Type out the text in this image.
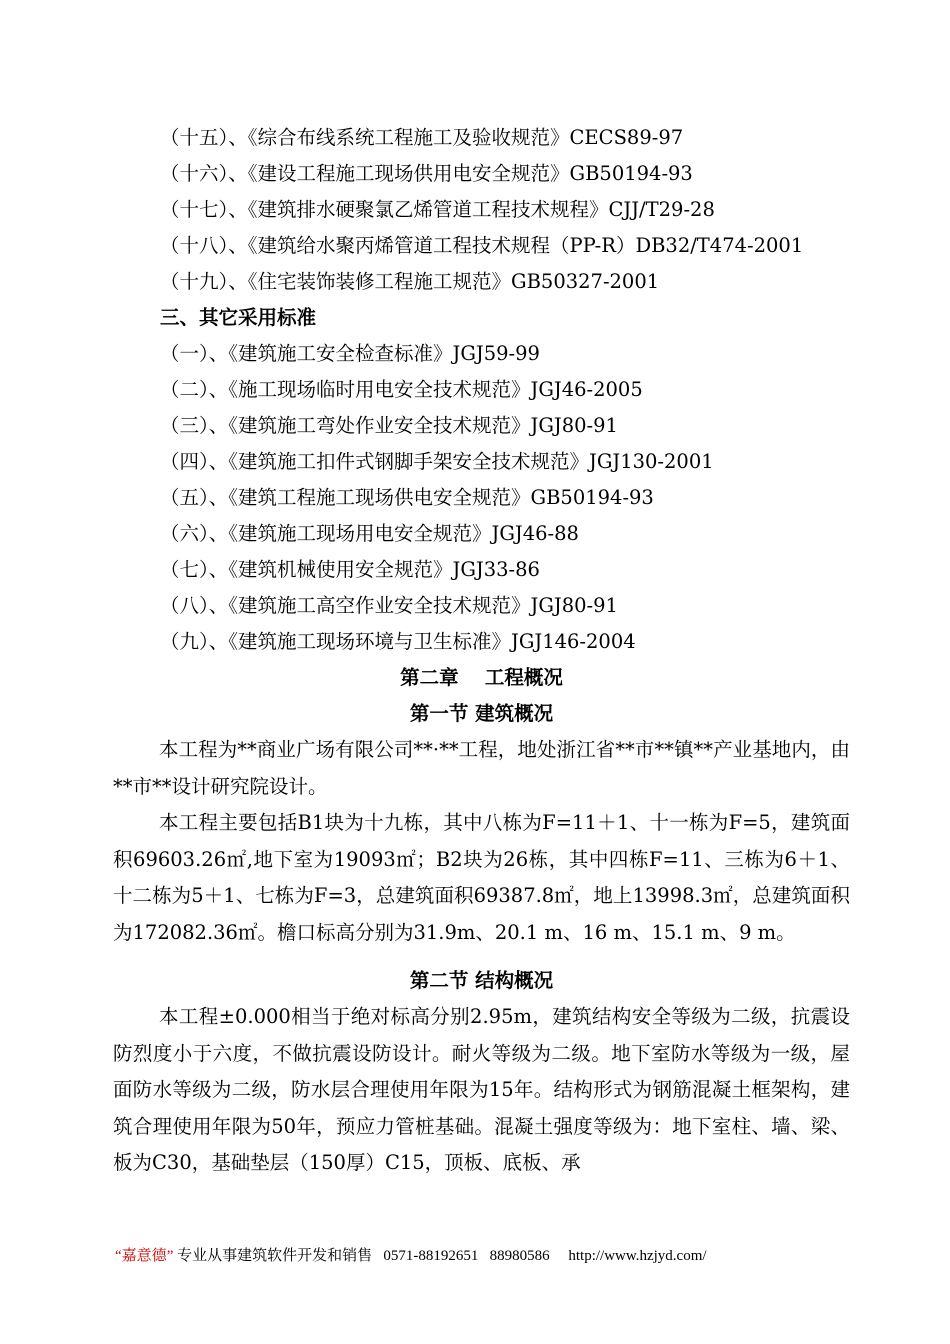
（十五）、《综合布线系统工程施工及验收规范》CECS89-97
（十六）、《建设工程施工现场供用电安全规范》GB50194-93
（十七）、《建筑排水硬聚氯乙烯管道工程技术规程》CJJ/T29-28
（十八）、《建筑给水聚丙烯管道工程技术规程（PP-R）DB32/T474-2001
（十九）、《住宅装饰装修工程施工规范》GB50327-2001
三、其它采用标准
（一）、《建筑施工安全检查标准》JGJ59-99
（二）、《施工现场临时用电安全技术规范》JGJ46-2005
（三）、《建筑施工弯处作业安全技术规范》JGJ80-91
（四）、《建筑施工扣件式钢脚手架安全技术规范》JGJ130-2001
（五）、《建筑工程施工现场供电安全规范》GB50194-93
（六）、《建筑施工现场用电安全规范》JGJ46-88
（七）、《建筑机械使用安全规范》JGJ33-86
（八）、《建筑施工高空作业安全技术规范》JGJ80-91
（九）、《建筑施工现场环境与卫生标准》JGJ146-2004
第二章　 工程概况
第一节 建筑概况

本工程为**商业广场有限公司**·**工程，地处浙江省**市**镇**产业基地内，由**市**设计研究院设计。

本工程主要包括B1块为十九栋，其中八栋为F=11＋1、十一栋为F=5，建筑面积69603.26㎡,地下室为19093㎡；B2块为26栋，其中四栋F=11、三栋为6＋1、十二栋为5＋1、七栋为F=3，总建筑面积69387.8㎡，地上13998.3㎡，总建筑面积为172082.36㎡。檐口标高分别为31.9m、20.1 m、16 m、15.1 m、9 m。

第二节 结构概况

本工程±0.000相当于绝对标高分别2.95m，建筑结构安全等级为二级，抗震设防烈度小于六度，不做抗震设防设计。耐火等级为二级。地下室防水等级为一级，屋面防水等级为二级，防水层合理使用年限为15年。结构形式为钢筋混凝土框架构，建筑合理使用年限为50年，预应力管桩基础。混凝土强度等级为：地下室柱、墙、梁、板为C30，基础垫层（150厚）C15，顶板、底板、承

“嘉意德” 专业从事建筑软件开发和销售   0571-88192651   88980586     http://www.hzjyd.com/
